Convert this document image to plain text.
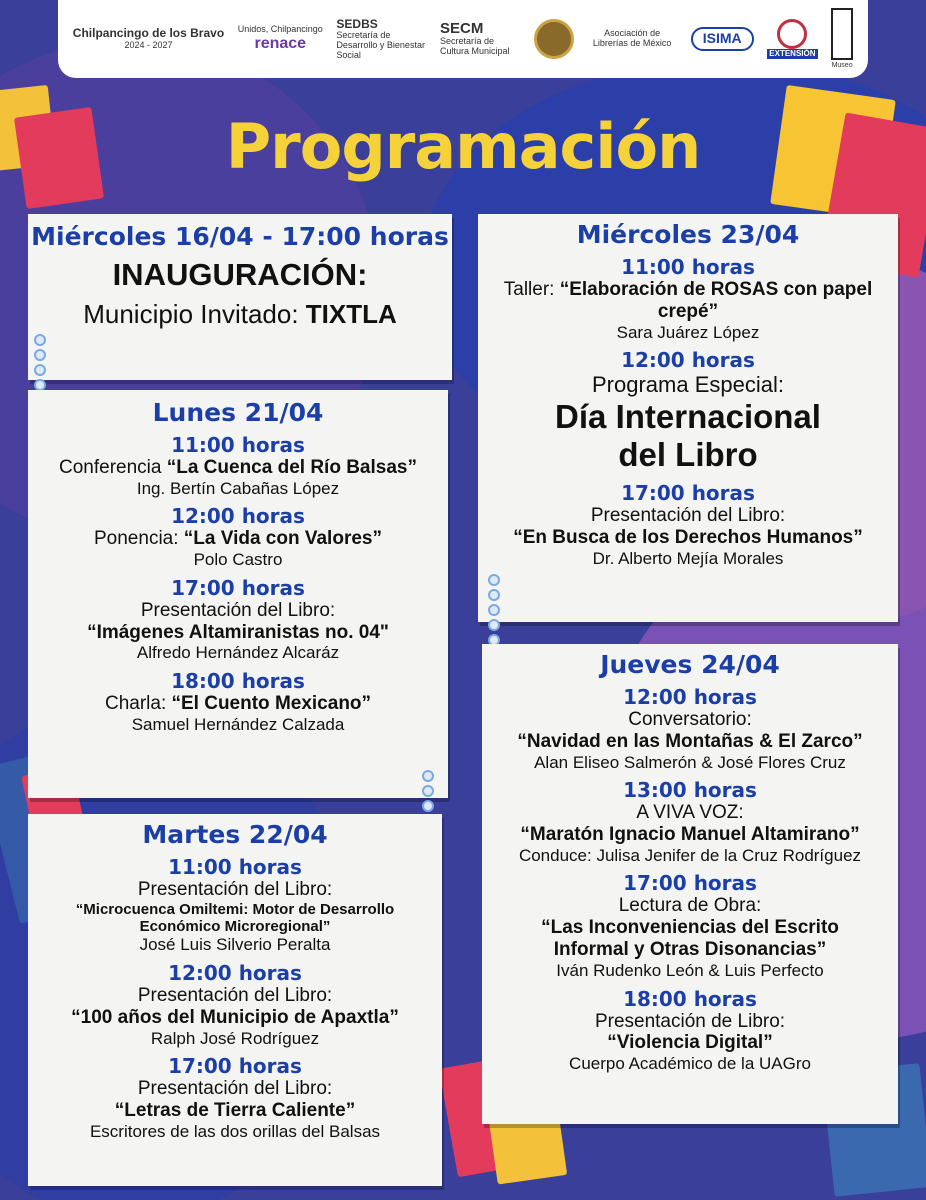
Chilpancingo de los Bravo
2024 - 2027
Unidos, Chilpancingo
renace
SEDBS
Secretaría de Desarrollo y Bienestar Social
SECM
Secretaría de Cultura Municipal
Asociación de Librerías de México	ISIMA
EXTENSIÓN
Museo
Programación
Miércoles 16/04 - 17:00 horas
INAUGURACIÓN:
Municipio Invitado: TIXTLA
Lunes 21/04
11:00 horas
Conferencia “La Cuenca del Río Balsas”
Ing. Bertín Cabañas López
12:00 horas
Ponencia: “La Vida con Valores”
Polo Castro
17:00 horas
Presentación del Libro:
“Imágenes Altamiranistas no. 04"
Alfredo Hernández Alcaráz
18:00 horas
Charla: “El Cuento Mexicano”
Samuel Hernández Calzada
Martes 22/04
11:00 horas
Presentación del Libro:
“Microcuenca Omiltemi: Motor de Desarrollo Económico Microregional”
José Luis Silverio Peralta
12:00 horas
Presentación del Libro:
“100 años del Municipio de Apaxtla”
Ralph José Rodríguez
17:00 horas
Presentación del Libro:
“Letras de Tierra Caliente”
Escritores de las dos orillas del Balsas
Miércoles 23/04
11:00 horas
Taller: “Elaboración de ROSAS con papel crepé”
Sara Juárez López
12:00 horas
Programa Especial:
Día Internacional del Libro
17:00 horas
Presentación del Libro:
“En Busca de los Derechos Humanos”
Dr. Alberto Mejía Morales
Jueves 24/04
12:00 horas
Conversatorio:
“Navidad en las Montañas & El Zarco”
Alan Eliseo Salmerón & José Flores Cruz
13:00 horas
A VIVA VOZ:
“Maratón Ignacio Manuel Altamirano”
Conduce: Julisa Jenifer de la Cruz Rodríguez
17:00 horas
Lectura de Obra:
“Las Inconveniencias del Escrito Informal y Otras Disonancias”
Iván Rudenko León & Luis Perfecto
18:00 horas
Presentación de Libro:
“Violencia Digital”
Cuerpo Académico de la UAGro
